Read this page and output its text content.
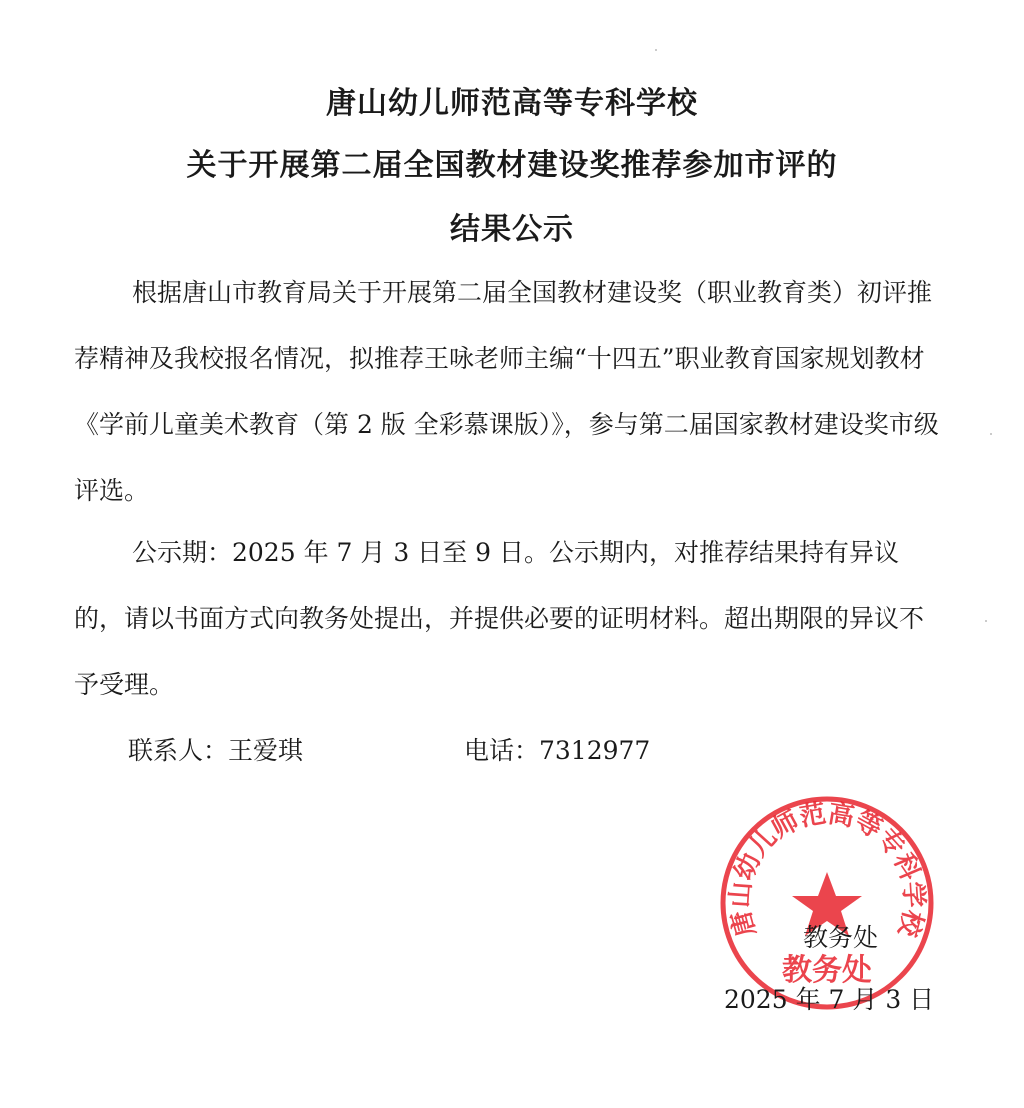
唐山幼儿师范高等专科学校
关于开展第二届全国教材建设奖推荐参加市评的
结果公示

根据唐山市教育局关于开展第二届全国教材建设奖（职业教育类）初评推荐精神及我校报名情况，拟推荐王咏老师主编“十四五”职业教育国家规划教材《学前儿童美术教育（第 2 版 全彩慕课版）》，参与第二届国家教材建设奖市级评选。

公示期：2025 年 7 月 3 日至 9 日。公示期内，对推荐结果持有异议的，请以书面方式向教务处提出，并提供必要的证明材料。超出期限的异议不予受理。

联系人：王爱琪	电话：7312977
唐山幼儿师范高等专科学校
教务处
教务处
2025 年 7 月 3 日
